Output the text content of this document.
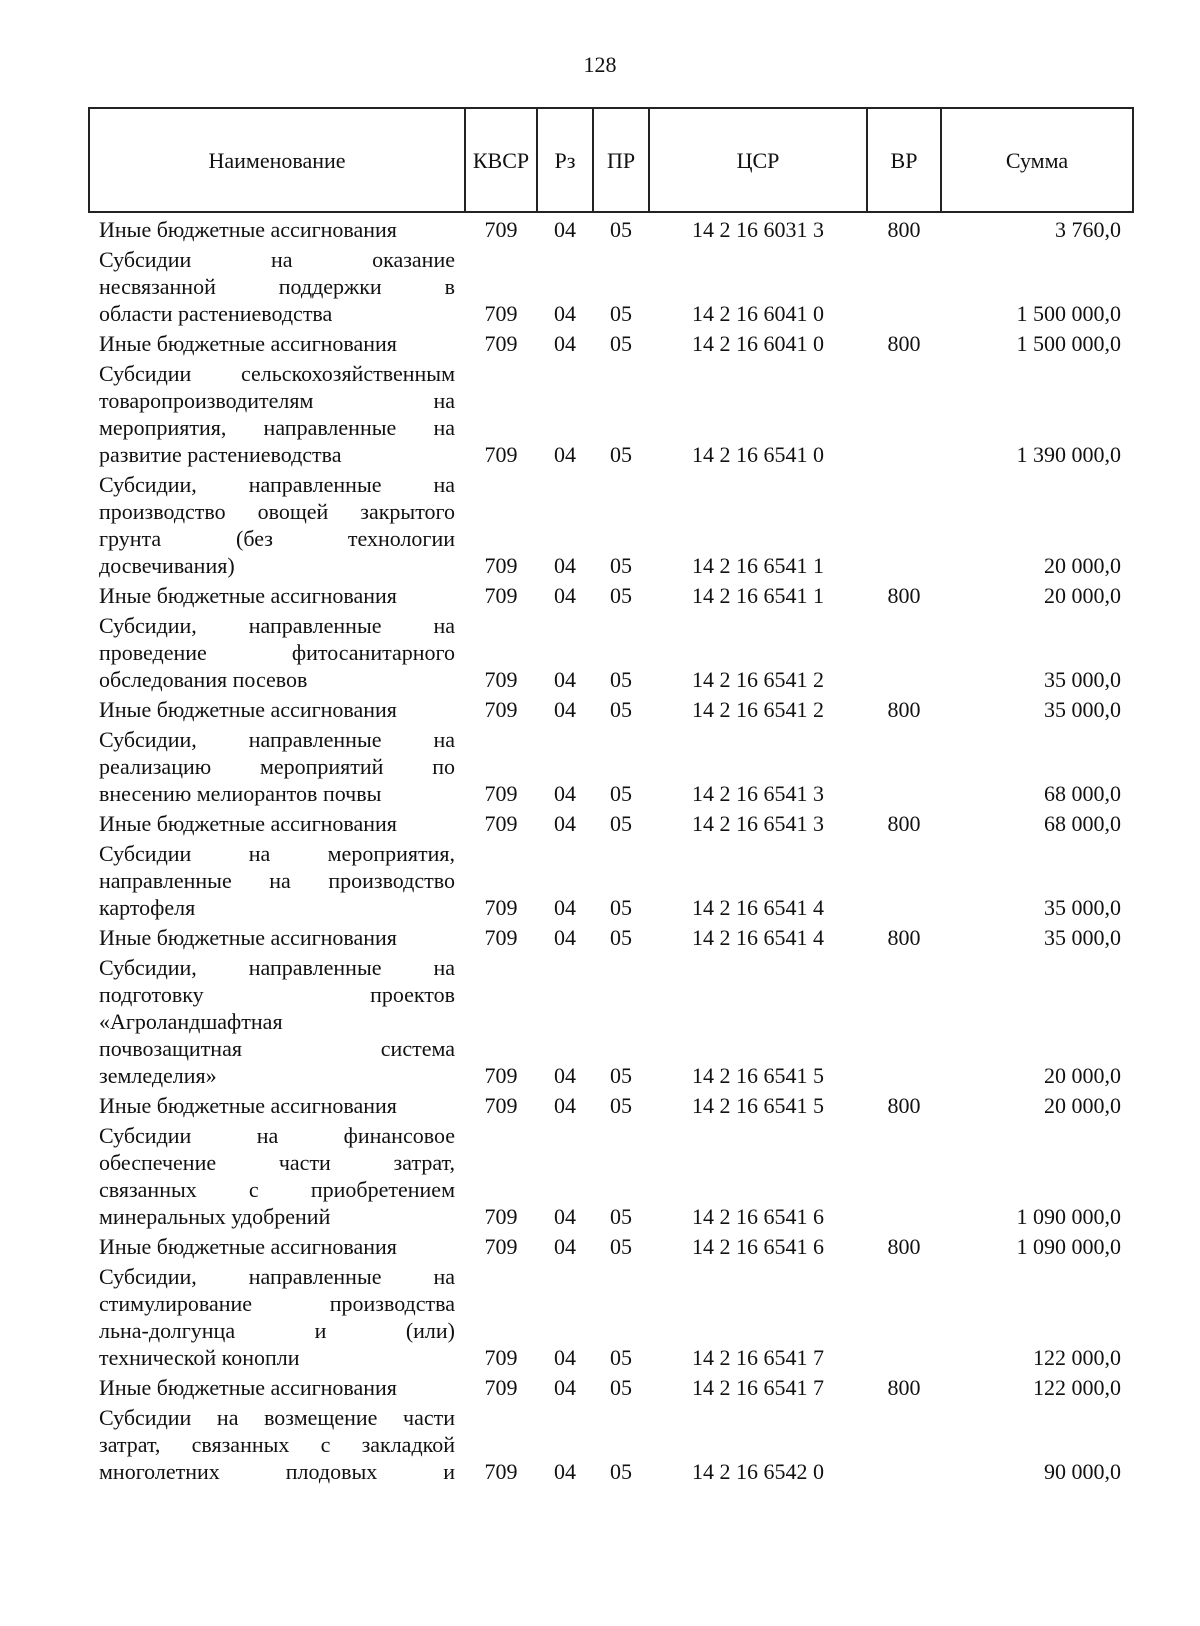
128
Наименование	КВСР	Рз	ПР	ЦСР	ВР	Сумма

Иные бюджетные ассигнования	709	04	05	14 2 16 6031 3	800	3 760,0

Субсидии на оказание
несвязанной поддержки в
области растениеводства	709	04	05	14 2 16 6041 0		1 500 000,0

Иные бюджетные ассигнования	709	04	05	14 2 16 6041 0	800	1 500 000,0

Субсидии сельскохозяйственным
товаропроизводителям на
мероприятия, направленные на
развитие растениеводства	709	04	05	14 2 16 6541 0		1 390 000,0

Субсидии, направленные на
производство овощей закрытого
грунта (без технологии
досвечивания)	709	04	05	14 2 16 6541 1		20 000,0

Иные бюджетные ассигнования	709	04	05	14 2 16 6541 1	800	20 000,0

Субсидии, направленные на
проведение фитосанитарного
обследования посевов	709	04	05	14 2 16 6541 2		35 000,0

Иные бюджетные ассигнования	709	04	05	14 2 16 6541 2	800	35 000,0

Субсидии, направленные на
реализацию мероприятий по
внесению мелиорантов почвы	709	04	05	14 2 16 6541 3		68 000,0

Иные бюджетные ассигнования	709	04	05	14 2 16 6541 3	800	68 000,0

Субсидии на мероприятия,
направленные на производство
картофеля	709	04	05	14 2 16 6541 4		35 000,0

Иные бюджетные ассигнования	709	04	05	14 2 16 6541 4	800	35 000,0

Субсидии, направленные на
подготовку проектов
«Агроландшафтная
почвозащитная система
земледелия»	709	04	05	14 2 16 6541 5		20 000,0

Иные бюджетные ассигнования	709	04	05	14 2 16 6541 5	800	20 000,0

Субсидии на финансовое
обеспечение части затрат,
связанных с приобретением
минеральных удобрений	709	04	05	14 2 16 6541 6		1 090 000,0

Иные бюджетные ассигнования	709	04	05	14 2 16 6541 6	800	1 090 000,0

Субсидии, направленные на
стимулирование производства
льна-долгунца и (или)
технической конопли	709	04	05	14 2 16 6541 7		122 000,0

Иные бюджетные ассигнования	709	04	05	14 2 16 6541 7	800	122 000,0

Субсидии на возмещение части
затрат, связанных с закладкой
многолетних плодовых и	709	04	05	14 2 16 6542 0		90 000,0
